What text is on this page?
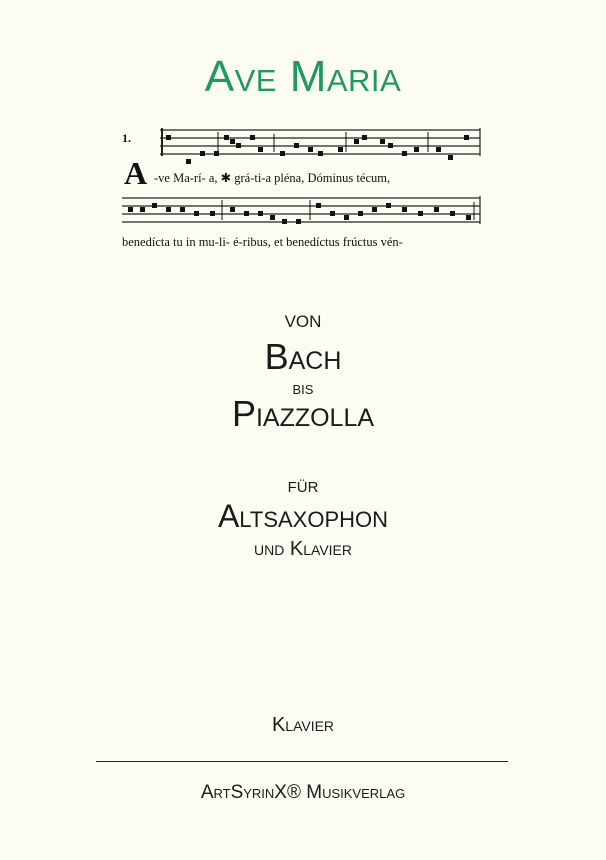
Ave Maria
1.
A -ve Ma-rí- a, ✱ grá-ti-a pléna, Dóminus técum,
benedícta tu in mu-li- é-ribus, et benedíctus frúctus vén-
von
Bach
bis
Piazzolla
für
Altsaxophon
und Klavier
Klavier
ArtSyrinX® Musikverlag
